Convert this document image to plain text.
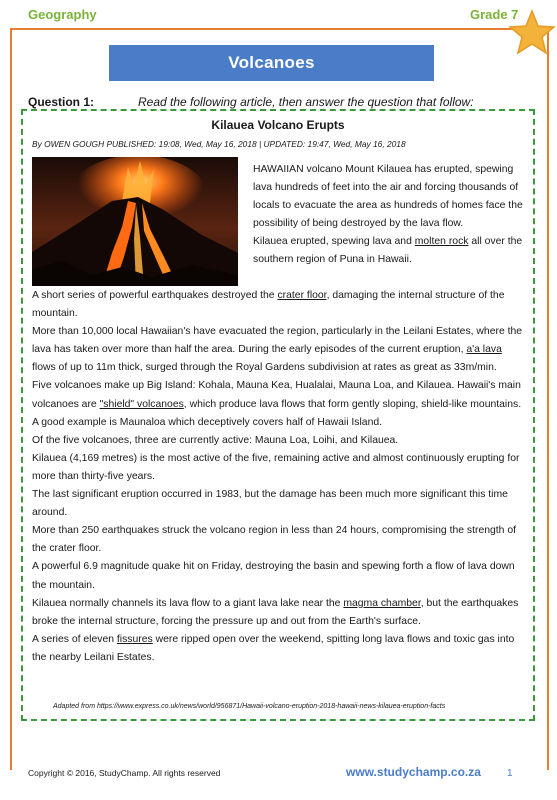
Geography	Grade 7
Volcanoes
Question 1:	Read the following article, then answer the question that follow:
Kilauea Volcano Erupts
By OWEN GOUGH PUBLISHED: 19:08, Wed, May 16, 2018 | UPDATED: 19:47, Wed, May 16, 2018

HAWAIIAN volcano Mount Kilauea has erupted, spewing lava hundreds of feet into the air and forcing thousands of locals to evacuate the area as hundreds of homes face the possibility of being destroyed by the lava flow.

Kilauea erupted, spewing lava and molten rock all over the southern region of Puna in Hawaii.

A short series of powerful earthquakes destroyed the crater floor, damaging the internal structure of the mountain.

More than 10,000 local Hawaiian's have evacuated the region, particularly in the Leilani Estates, where the lava has taken over more than half the area. During the early episodes of the current eruption, a'a lava flows of up to 11m thick, surged through the Royal Gardens subdivision at rates as great as 33m/min.

Five volcanoes make up Big Island: Kohala, Mauna Kea, Hualalai, Mauna Loa, and Kilauea. Hawaii's main volcanoes are "shield" volcanoes, which produce lava flows that form gently sloping, shield-like mountains. A good example is Maunaloa which deceptively covers half of Hawaii Island.

Of the five volcanoes, three are currently active: Mauna Loa, Loihi, and Kilauea.

Kilauea (4,169 metres) is the most active of the five, remaining active and almost continuously erupting for more than thirty-five years.

The last significant eruption occurred in 1983, but the damage has been much more significant this time around.

More than 250 earthquakes struck the volcano region in less than 24 hours, compromising the strength of the crater floor.

A powerful 6.9 magnitude quake hit on Friday, destroying the basin and spewing forth a flow of lava down the mountain.

Kilauea normally channels its lava flow to a giant lava lake near the magma chamber, but the earthquakes broke the internal structure, forcing the pressure up and out from the Earth's surface.

A series of eleven fissures were ripped open over the weekend, spitting long lava flows and toxic gas into the nearby Leilani Estates.

Adapted from https://www.express.co.uk/news/world/956871/Hawaii-volcano-eruption-2018-hawaii-news-kilauea-eruption-facts
Copyright © 2016, StudyChamp. All rights reserved	www.studychamp.co.za	1
